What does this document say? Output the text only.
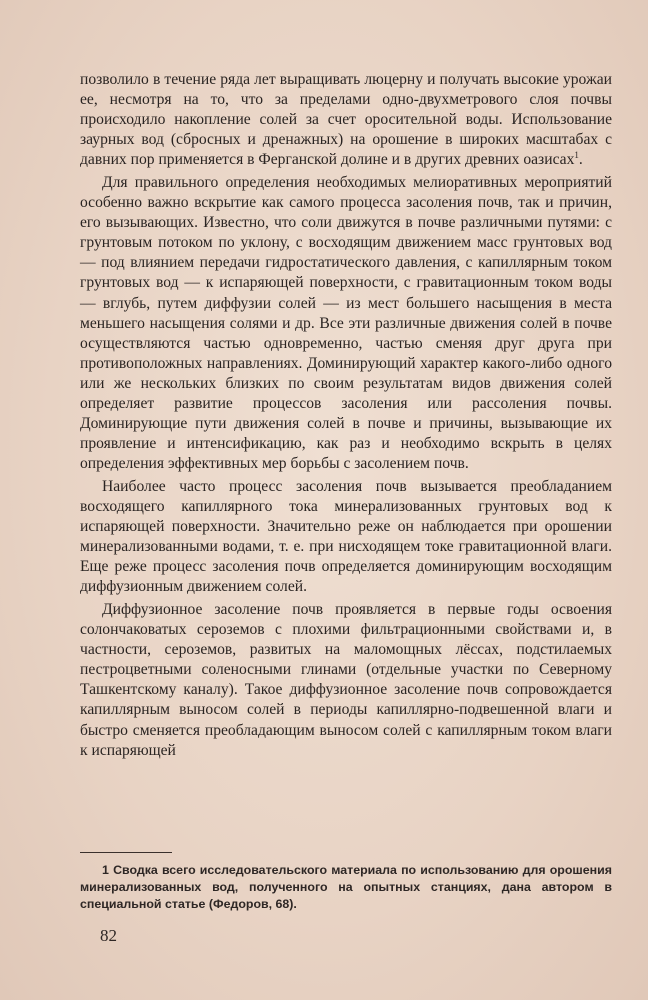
позволило в течение ряда лет выращивать люцерну и получать высокие урожаи ее, несмотря на то, что за пределами одно-двухметрового слоя почвы происходило накопление солей за счет оросительной воды. Использование заурных вод (сбросных и дренажных) на орошение в широких масштабах с давних пор применяется в Ферганской долине и в других древних оазисах$^1$.

Для правильного определения необходимых мелиоративных мероприятий особенно важно вскрытие как самого процесса засоления почв, так и причин, его вызывающих. Известно, что соли движутся в почве различными путями: с грунтовым потоком по уклону, с восходящим движением масс грунтовых вод — под влиянием передачи гидростатического давления, с капиллярным током грунтовых вод — к испаряющей поверхности, с гравитационным током воды — вглубь, путем диффузии солей — из мест большего насыщения в места меньшего насыщения солями и др. Все эти различные движения солей в почве осуществляются частью одновременно, частью сменяя друг друга при противоположных направлениях. Доминирующий характер какого-либо одного или же нескольких близких по своим результатам видов движения солей определяет развитие процессов засоления или рассоления почвы. Доминирующие пути движения солей в почве и причины, вызывающие их проявление и интенсификацию, как раз и необходимо вскрыть в целях определения эффективных мер борьбы с засолением почв.

Наиболее часто процесс засоления почв вызывается преобладанием восходящего капиллярного тока минерализованных грунтовых вод к испаряющей поверхности. Значительно реже он наблюдается при орошении минерализованными водами, т. е. при нисходящем токе гравитационной влаги. Еще реже процесс засоления почв определяется доминирующим восходящим диффузионным движением солей.

Диффузионное засоление почв проявляется в первые годы освоения солончаковатых сероземов с плохими фильтрационными свойствами и, в частности, сероземов, развитых на маломощных лёссах, подстилаемых пестроцветными соленосными глинами (отдельные участки по Северному Ташкентскому каналу). Такое диффузионное засоление почв сопровождается капиллярным выносом солей в периоды капиллярно-подвешенной влаги и быстро сменяется преобладающим выносом солей с капиллярным током влаги к испаряющей

1 Сводка всего исследовательского материала по использованию для орошения минерализованных вод, полученного на опытных станциях, дана автором в специальной статье (Федоров, 68).
82
